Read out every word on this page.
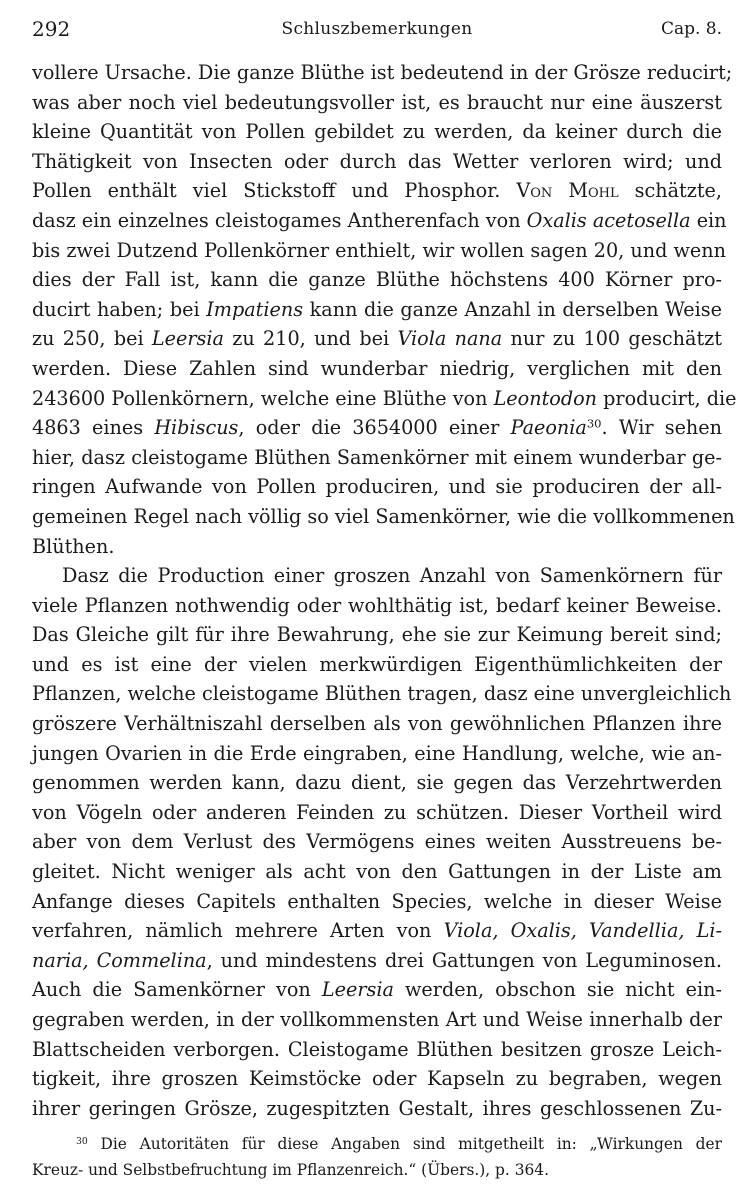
292	Schluszbemerkungen	Cap. 8.
vollere Ursache. Die ganze Blüthe ist bedeutend in der Grösze reducirt;
was aber noch viel bedeutungsvoller ist, es braucht nur eine äuszerst
kleine Quantität von Pollen gebildet zu werden, da keiner durch die
Thätigkeit von Insecten oder durch das Wetter verloren wird; und
Pollen enthält viel Stickstoff und Phosphor. Von Mohl schätzte,
dasz ein einzelnes cleistogames Antherenfach von Oxalis acetosella ein
bis zwei Dutzend Pollenkörner enthielt, wir wollen sagen 20, und wenn
dies der Fall ist, kann die ganze Blüthe höchstens 400 Körner pro-
ducirt haben; bei Impatiens kann die ganze Anzahl in derselben Weise
zu 250, bei Leersia zu 210, und bei Viola nana nur zu 100 geschätzt
werden. Diese Zahlen sind wunderbar niedrig, verglichen mit den
243600 Pollenkörnern, welche eine Blüthe von Leontodon producirt, die
4863 eines Hibiscus, oder die 3654000 einer Paeonia$^{30}$. Wir sehen
hier, dasz cleistogame Blüthen Samenkörner mit einem wunderbar ge-
ringen Aufwande von Pollen produciren, und sie produciren der all-
gemeinen Regel nach völlig so viel Samenkörner, wie die vollkommenen
Blüthen.
Dasz die Production einer groszen Anzahl von Samenkörnern für
viele Pflanzen nothwendig oder wohlthätig ist, bedarf keiner Beweise.
Das Gleiche gilt für ihre Bewahrung, ehe sie zur Keimung bereit sind;
und es ist eine der vielen merkwürdigen Eigenthümlichkeiten der
Pflanzen, welche cleistogame Blüthen tragen, dasz eine unvergleichlich
gröszere Verhältniszahl derselben als von gewöhnlichen Pflanzen ihre
jungen Ovarien in die Erde eingraben, eine Handlung, welche, wie an-
genommen werden kann, dazu dient, sie gegen das Verzehrtwerden
von Vögeln oder anderen Feinden zu schützen. Dieser Vortheil wird
aber von dem Verlust des Vermögens eines weiten Ausstreuens be-
gleitet. Nicht weniger als acht von den Gattungen in der Liste am
Anfange dieses Capitels enthalten Species, welche in dieser Weise
verfahren, nämlich mehrere Arten von Viola, Oxalis, Vandellia, Li-
naria, Commelina, und mindestens drei Gattungen von Leguminosen.
Auch die Samenkörner von Leersia werden, obschon sie nicht ein-
gegraben werden, in der vollkommensten Art und Weise innerhalb der
Blattscheiden verborgen. Cleistogame Blüthen besitzen grosze Leich-
tigkeit, ihre groszen Keimstöcke oder Kapseln zu begraben, wegen
ihrer geringen Grösze, zugespitzten Gestalt, ihres geschlossenen Zu-
$^{30}$ Die Autoritäten für diese Angaben sind mitgetheilt in: „Wirkungen der
Kreuz- und Selbstbefruchtung im Pflanzenreich.“ (Übers.), p. 364.
